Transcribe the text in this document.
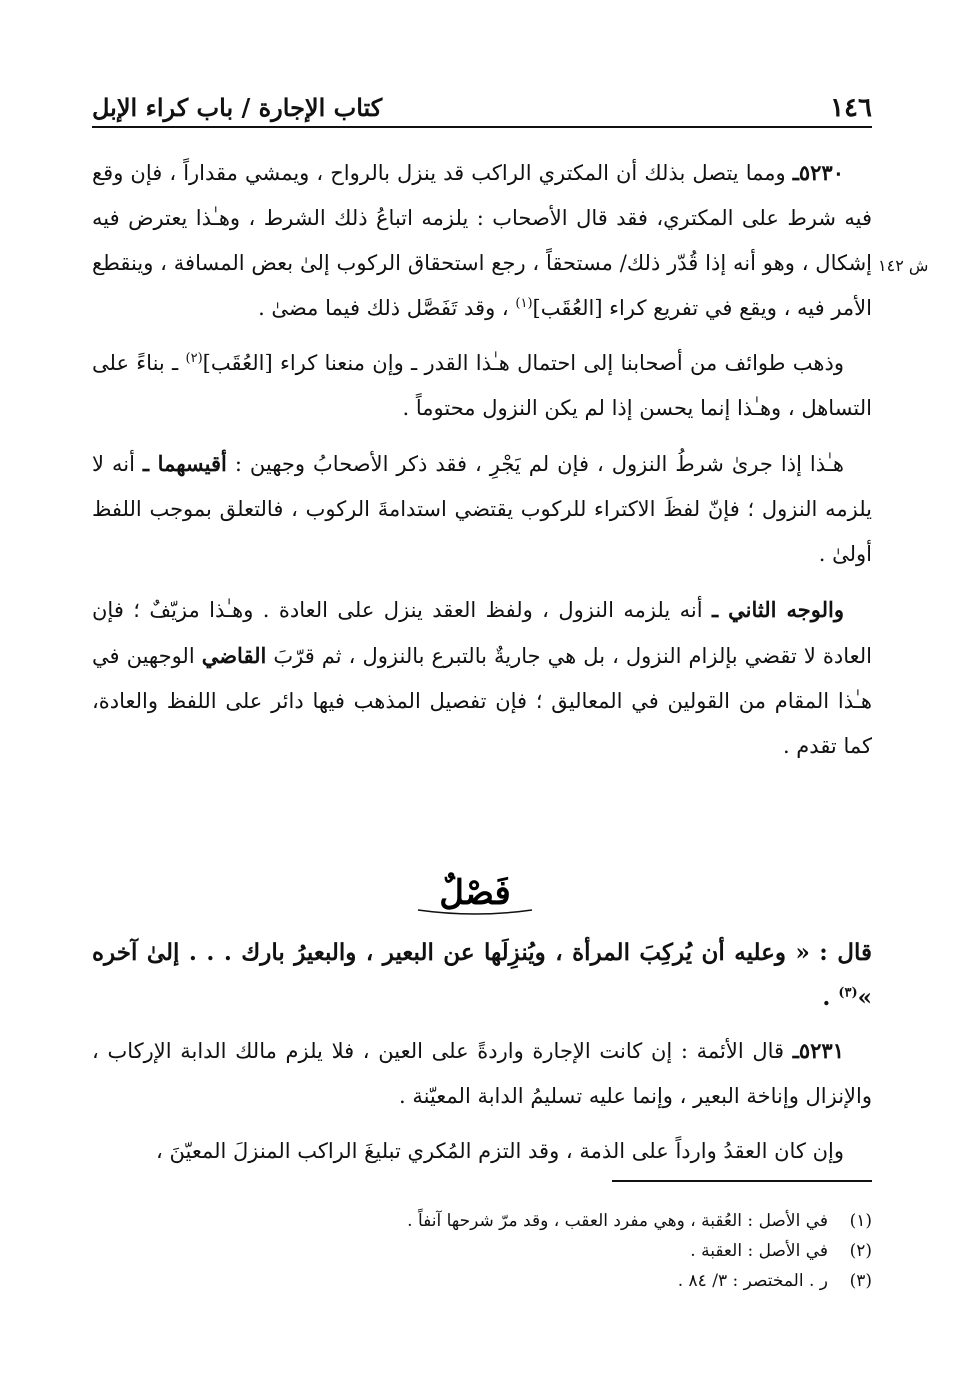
١٤٦
كتاب الإجارة / باب كراء الإبل
ش ١٤٢

٥٢٣٠ـ ومما يتصل بذلك أن المكتري الراكب قد ينزل بالرواح ، ويمشي مقداراً ، فإن وقع فيه شرط على المكتري، فقد قال الأصحاب : يلزمه اتباعُ ذلك الشرط ، وهـٰذا يعترض فيه إشكال ، وهو أنه إذا قُدّر ذلك/ مستحقاً ، رجع استحقاق الركوب إلىٰ بعض المسافة ، وينقطع الأمر فيه ، ويقع في تفريع كراء [العُقَب]$^{(١)}$ ، وقد تَفَصَّل ذلك فيما مضىٰ .

وذهب طوائف من أصحابنا إلى احتمال هـٰذا القدر ـ وإن منعنا كراء [العُقَب]$^{(٢)}$ ـ بناءً على التساهل ، وهـٰذا إنما يحسن إذا لم يكن النزول محتوماً .

هـٰذا إذا جرىٰ شرطُ النزول ، فإن لم يَجْرِ ، فقد ذكر الأصحابُ وجهين : أقيسهما ـ أنه لا يلزمه النزول ؛ فإنّ لفظَ الاكتراء للركوب يقتضي استدامةَ الركوب ، فالتعلق بموجب اللفظ أولىٰ .

والوجه الثاني ـ أنه يلزمه النزول ، ولفظ العقد ينزل على العادة . وهـٰذا مزيّفٌ ؛ فإن العادة لا تقضي بإلزام النزول ، بل هي جاريةٌ بالتبرع بالنزول ، ثم قرّبَ القاضي الوجهين في هـٰذا المقام من القولين في المعاليق ؛ فإن تفصيل المذهب فيها دائر على اللفظ والعادة، كما تقدم .

فَصْلٌ
قال : « وعليه أن يُركِبَ المرأة ، ويُنزِلَها عن البعير ، والبعيرُ بارك . . . إلىٰ آخره »$^{(٣)}$ .

٥٢٣١ـ قال الأئمة : إن كانت الإجارة واردةً على العين ، فلا يلزم مالك الدابة الإركاب ، والإنزال وإناخة البعير ، وإنما عليه تسليمُ الدابة المعيّنة .

وإن كان العقدُ وارداً على الذمة ، وقد التزم المُكري تبليغَ الراكب المنزلَ المعيّنَ ،

(١)
في الأصل : العُقبة ، وهي مفرد العقب ، وقد مرّ شرحها آنفاً .
(٢)
في الأصل : العقبة .
(٣)
ر . المختصر : ٣/ ٨٤ .
